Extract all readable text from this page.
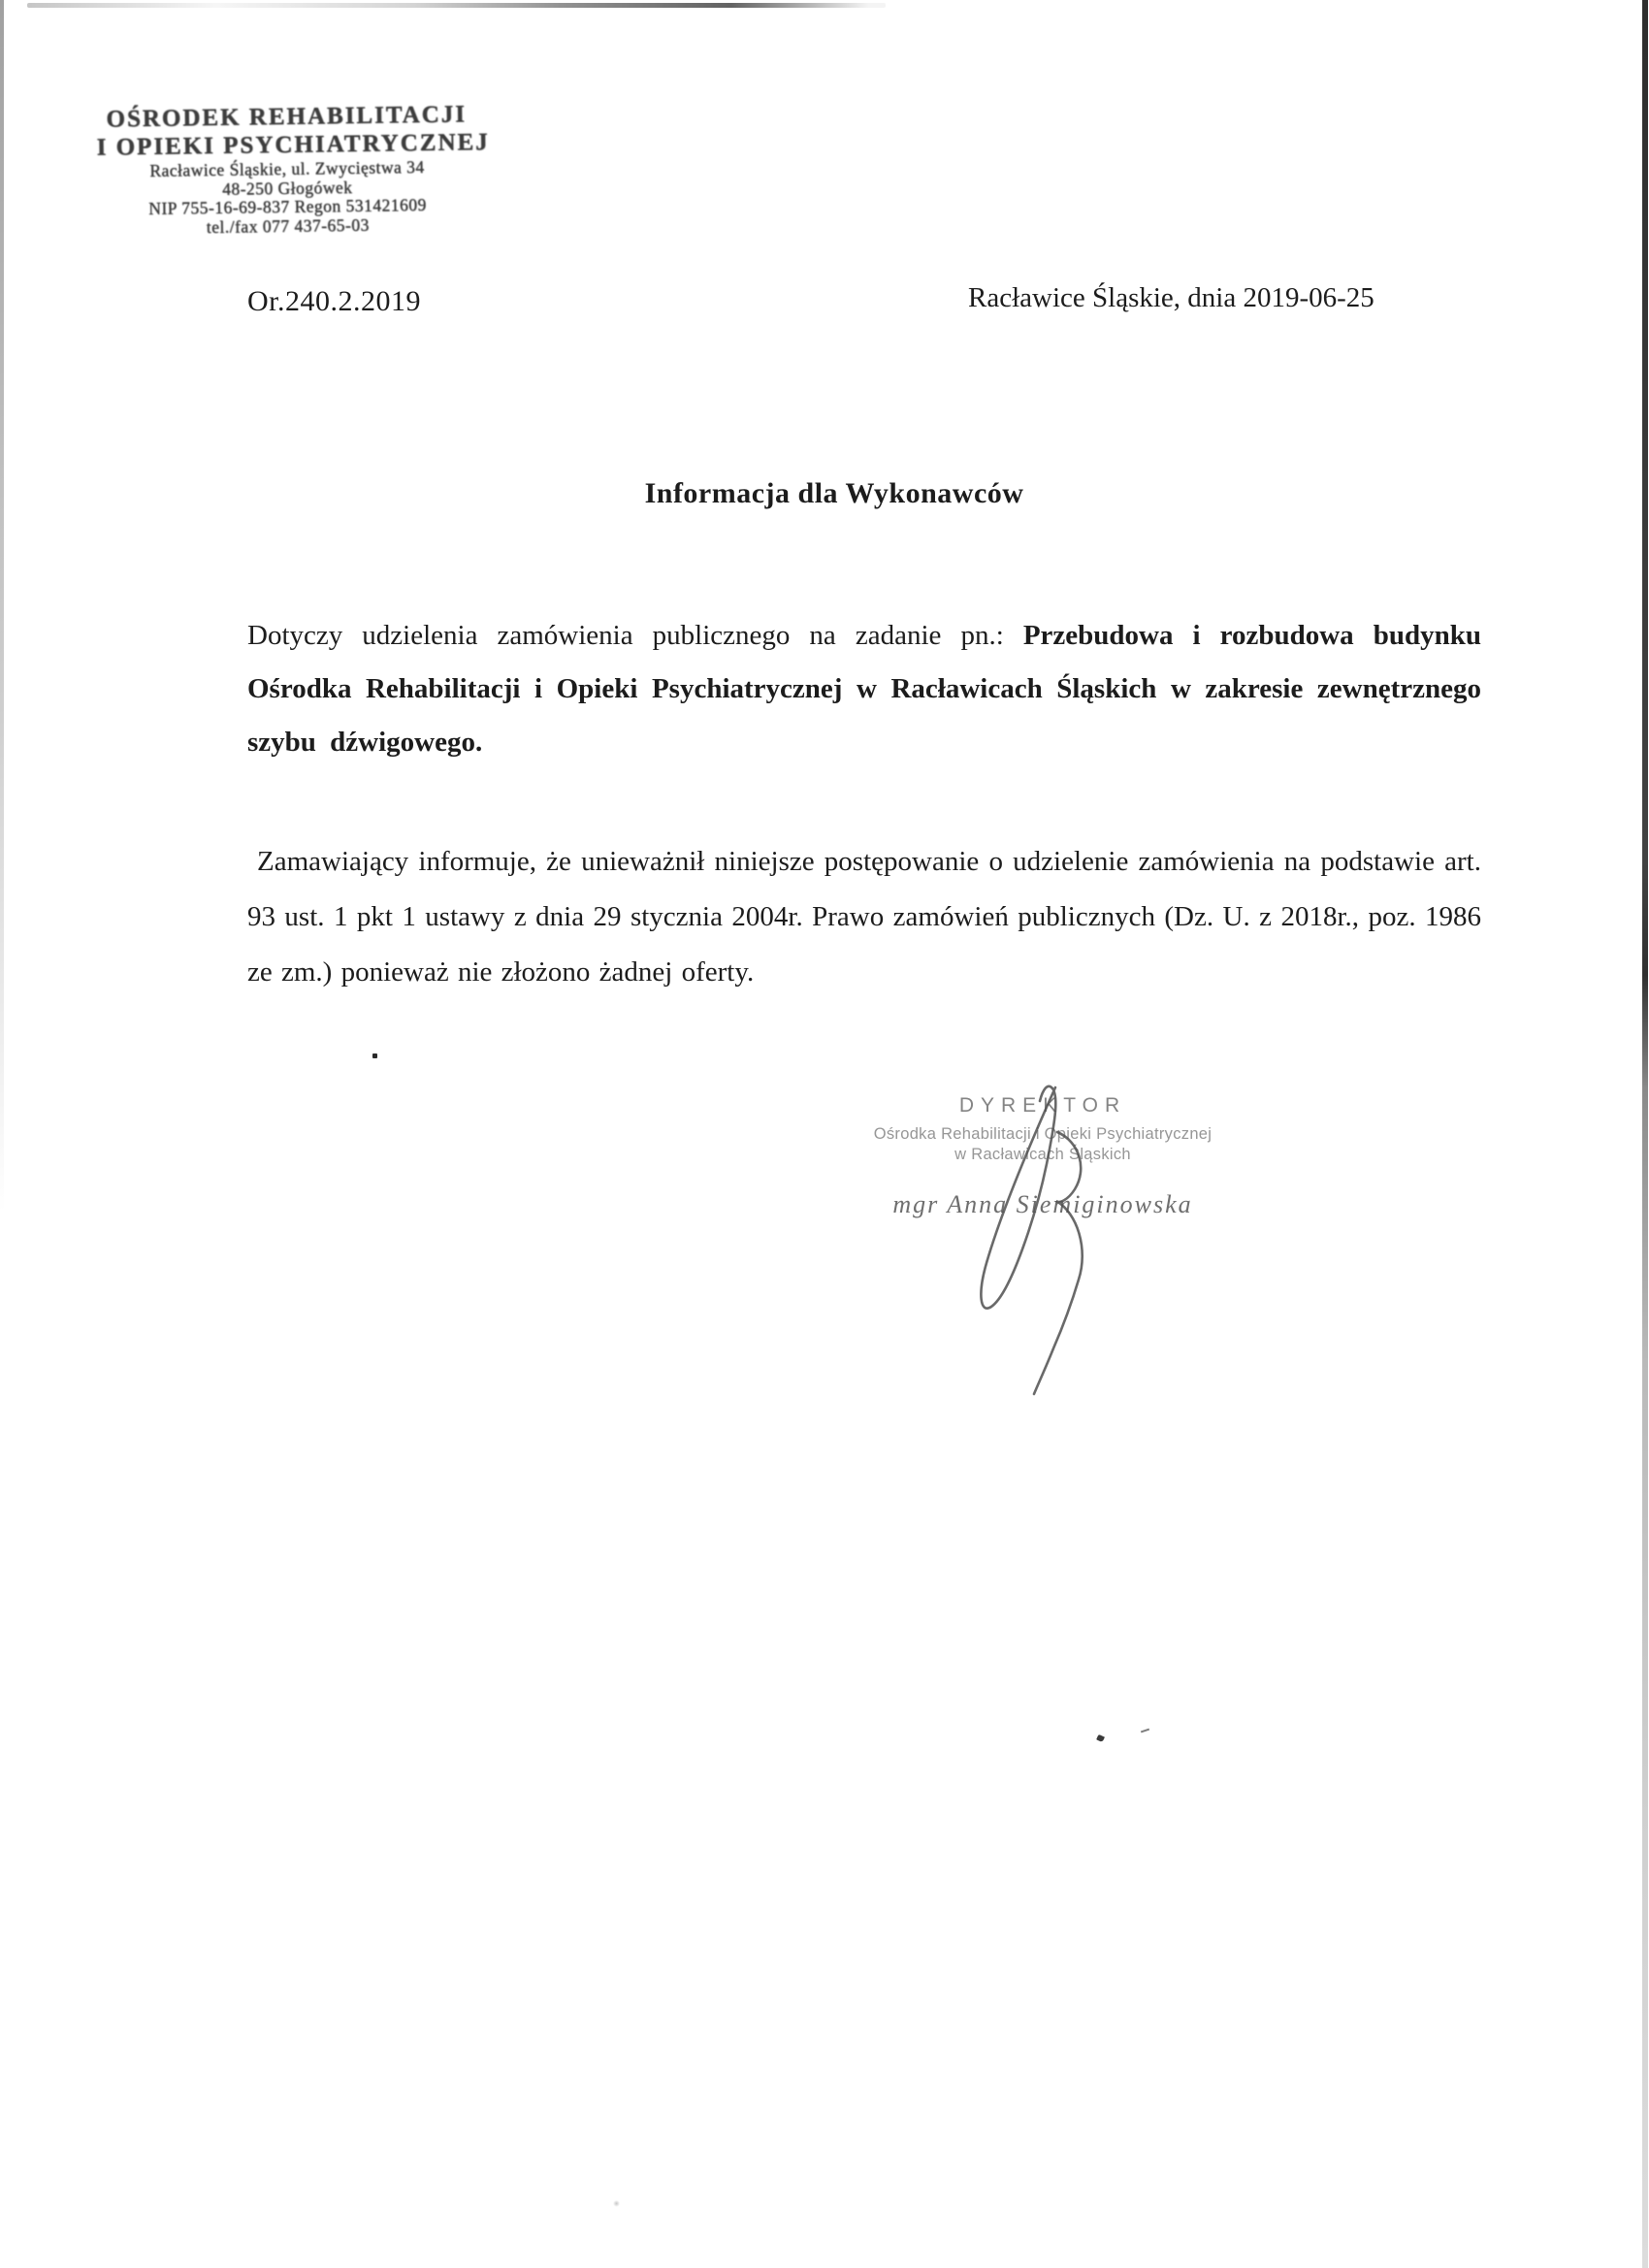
OŚRODEK REHABILITACJI
I OPIEKI PSYCHIATRYCZNEJ
Racławice Śląskie, ul. Zwycięstwa 34
48-250 Głogówek
NIP 755-16-69-837 Regon 531421609
tel./fax 077 437-65-03
Or.240.2.2019	Racławice Śląskie, dnia 2019-06-25
Informacja dla Wykonawców

Dotyczy udzielenia zamówienia publicznego na zadanie pn.: Przebudowa i rozbudowa budynku Ośrodka Rehabilitacji i Opieki Psychiatrycznej w Racławicach Śląskich w zakresie zewnętrznego szybu dźwigowego.

Zamawiający informuje, że unieważnił niniejsze postępowanie o udzielenie zamówienia na podstawie art. 93 ust. 1 pkt 1 ustawy z dnia 29 stycznia 2004r. Prawo zamówień publicznych (Dz. U. z 2018r., poz. 1986 ze zm.) ponieważ nie złożono żadnej oferty.

DYREKTOR
Ośrodka Rehabilitacji i Opieki Psychiatrycznej
w Racławicach Śląskich
mgr Anna Siemiginowska
